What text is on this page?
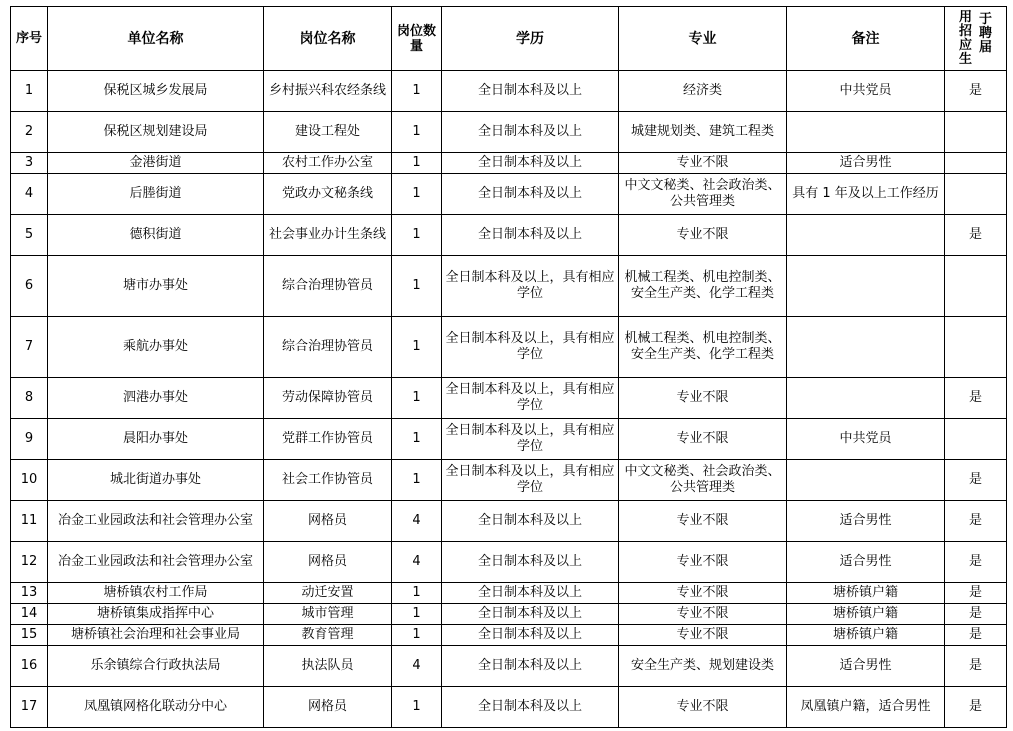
序号	单位名称	岗位名称	岗位数量	学历	专业	备注	用招应生于聘届
1	保税区城乡发展局	乡村振兴科农经条线	1	全日制本科及以上	经济类	中共党员	是
2	保税区规划建设局	建设工程处	1	全日制本科及以上	城建规划类、建筑工程类		
3	金港街道	农村工作办公室	1	全日制本科及以上	专业不限	适合男性	
4	后塍街道	党政办文秘条线	1	全日制本科及以上	中文文秘类、社会政治类、公共管理类	具有 1 年及以上工作经历	
5	德积街道	社会事业办计生条线	1	全日制本科及以上	专业不限		是
6	塘市办事处	综合治理协管员	1	全日制本科及以上，具有相应学位	机械工程类、机电控制类、安全生产类、化学工程类		
7	乘航办事处	综合治理协管员	1	全日制本科及以上，具有相应学位	机械工程类、机电控制类、安全生产类、化学工程类		
8	泗港办事处	劳动保障协管员	1	全日制本科及以上，具有相应学位	专业不限		是
9	晨阳办事处	党群工作协管员	1	全日制本科及以上，具有相应学位	专业不限	中共党员	
10	城北街道办事处	社会工作协管员	1	全日制本科及以上，具有相应学位	中文文秘类、社会政治类、公共管理类		是
11	冶金工业园政法和社会管理办公室	网格员	4	全日制本科及以上	专业不限	适合男性	是
12	冶金工业园政法和社会管理办公室	网格员	4	全日制本科及以上	专业不限	适合男性	是
13	塘桥镇农村工作局	动迁安置	1	全日制本科及以上	专业不限	塘桥镇户籍	是
14	塘桥镇集成指挥中心	城市管理	1	全日制本科及以上	专业不限	塘桥镇户籍	是
15	塘桥镇社会治理和社会事业局	教育管理	1	全日制本科及以上	专业不限	塘桥镇户籍	是
16	乐余镇综合行政执法局	执法队员	4	全日制本科及以上	安全生产类、规划建设类	适合男性	是
17	凤凰镇网格化联动分中心	网格员	1	全日制本科及以上	专业不限	凤凰镇户籍，适合男性	是
